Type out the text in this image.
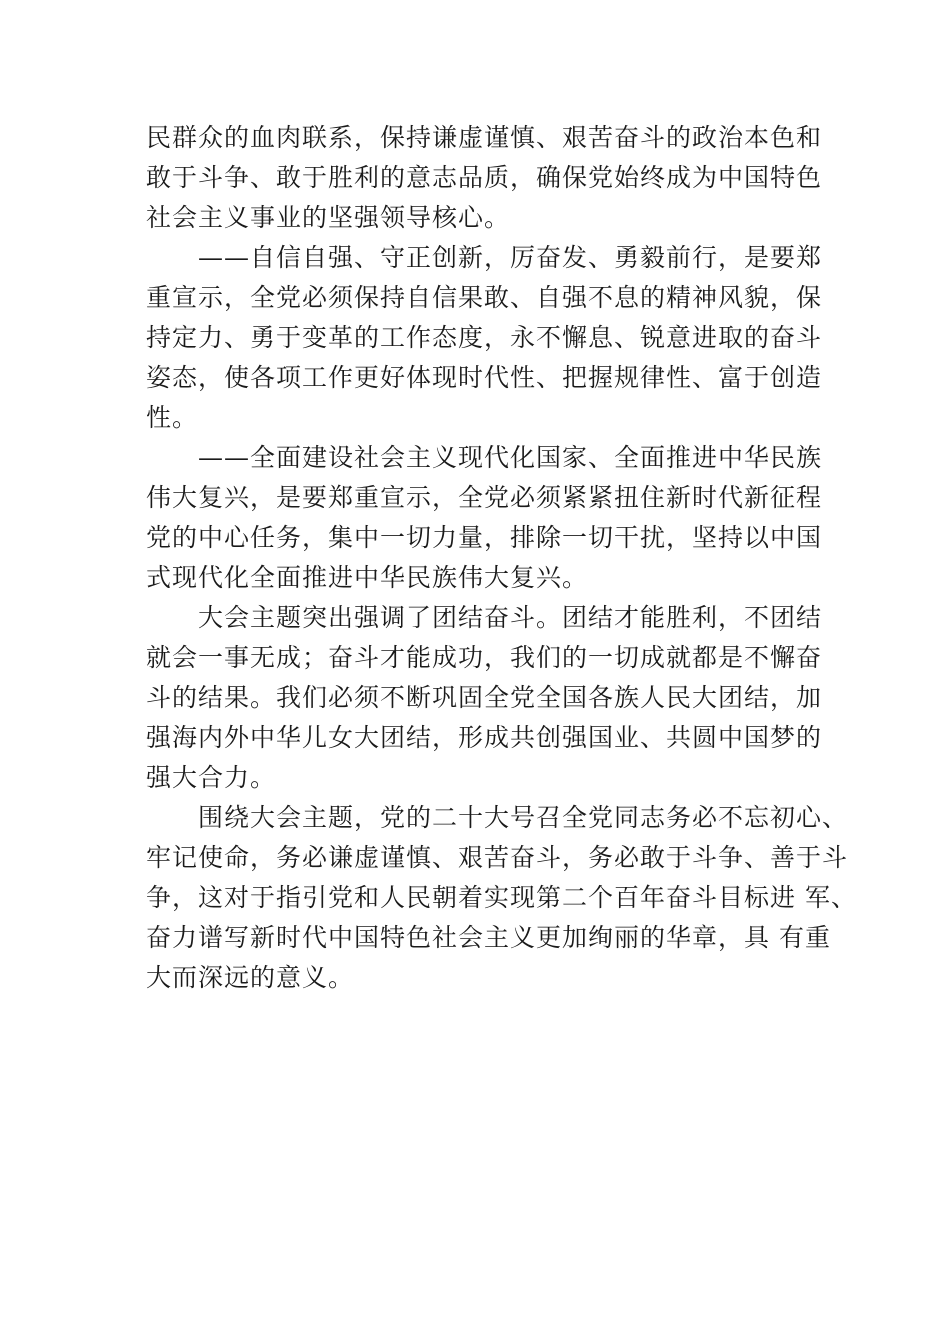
民群众的血肉联系，保持谦虚谨慎、艰苦奋斗的政治本色和
敢于斗争、敢于胜利的意志品质，确保党始终成为中国特色
社会主义事业的坚强领导核心。
　　——自信自强、守正创新，厉奋发、勇毅前行，是要郑
重宣示，全党必须保持自信果敢、自强不息的精神风貌，保
持定力、勇于变革的工作态度，永不懈息、锐意进取的奋斗
姿态，使各项工作更好体现时代性、把握规律性、富于创造
性。
　　——全面建设社会主义现代化国家、全面推进中华民族
伟大复兴，是要郑重宣示，全党必须紧紧扭住新时代新征程
党的中心任务，集中一切力量，排除一切干扰，坚持以中国
式现代化全面推进中华民族伟大复兴。
　　大会主题突出强调了团结奋斗。团结才能胜利，不团结
就会一事无成；奋斗才能成功，我们的一切成就都是不懈奋
斗的结果。我们必须不断巩固全党全国各族人民大团结，加
强海内外中华儿女大团结，形成共创强国业、共圆中国梦的
强大合力。
　　围绕大会主题，党的二十大号召全党同志务必不忘初心、
牢记使命，务必谦虚谨慎、艰苦奋斗，务必敢于斗争、善于斗
争，这对于指引党和人民朝着实现第二个百年奋斗目标进 军、
奋力谱写新时代中国特色社会主义更加绚丽的华章，具 有重
大而深远的意义。
